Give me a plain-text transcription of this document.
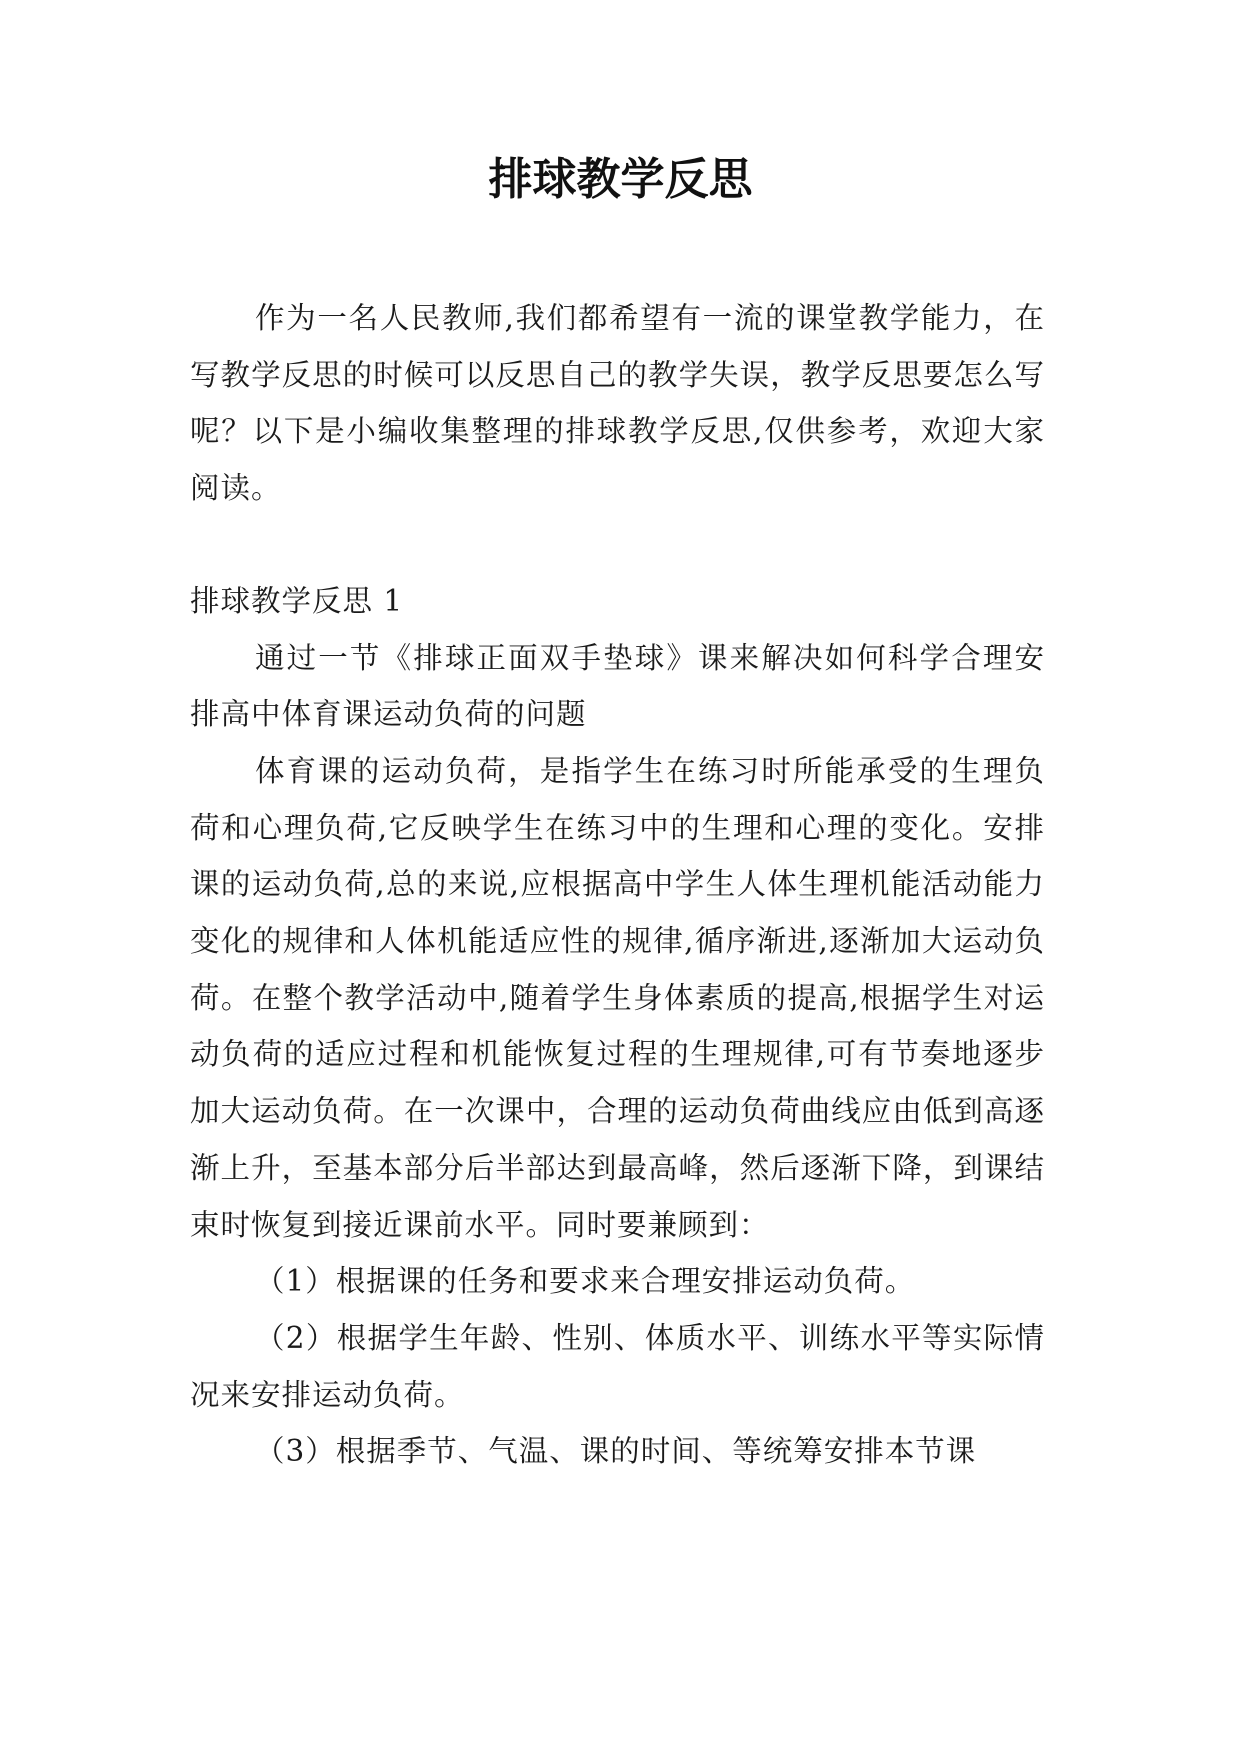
排球教学反思

作为一名人民教师,我们都希望有一流的课堂教学能力，在写教学反思的时候可以反思自己的教学失误，教学反思要怎么写呢？以下是小编收集整理的排球教学反思,仅供参考，欢迎大家阅读。

排球教学反思 1

通过一节《排球正面双手垫球》课来解决如何科学合理安排高中体育课运动负荷的问题

体育课的运动负荷，是指学生在练习时所能承受的生理负荷和心理负荷,它反映学生在练习中的生理和心理的变化。安排课的运动负荷,总的来说,应根据高中学生人体生理机能活动能力变化的规律和人体机能适应性的规律,循序渐进,逐渐加大运动负荷。在整个教学活动中,随着学生身体素质的提高,根据学生对运动负荷的适应过程和机能恢复过程的生理规律,可有节奏地逐步加大运动负荷。在一次课中，合理的运动负荷曲线应由低到高逐渐上升，至基本部分后半部达到最高峰，然后逐渐下降，到课结束时恢复到接近课前水平。同时要兼顾到：

（1）根据课的任务和要求来合理安排运动负荷。

（2）根据学生年龄、性别、体质水平、训练水平等实际情况来安排运动负荷。

（3）根据季节、气温、课的时间、等统筹安排本节课
